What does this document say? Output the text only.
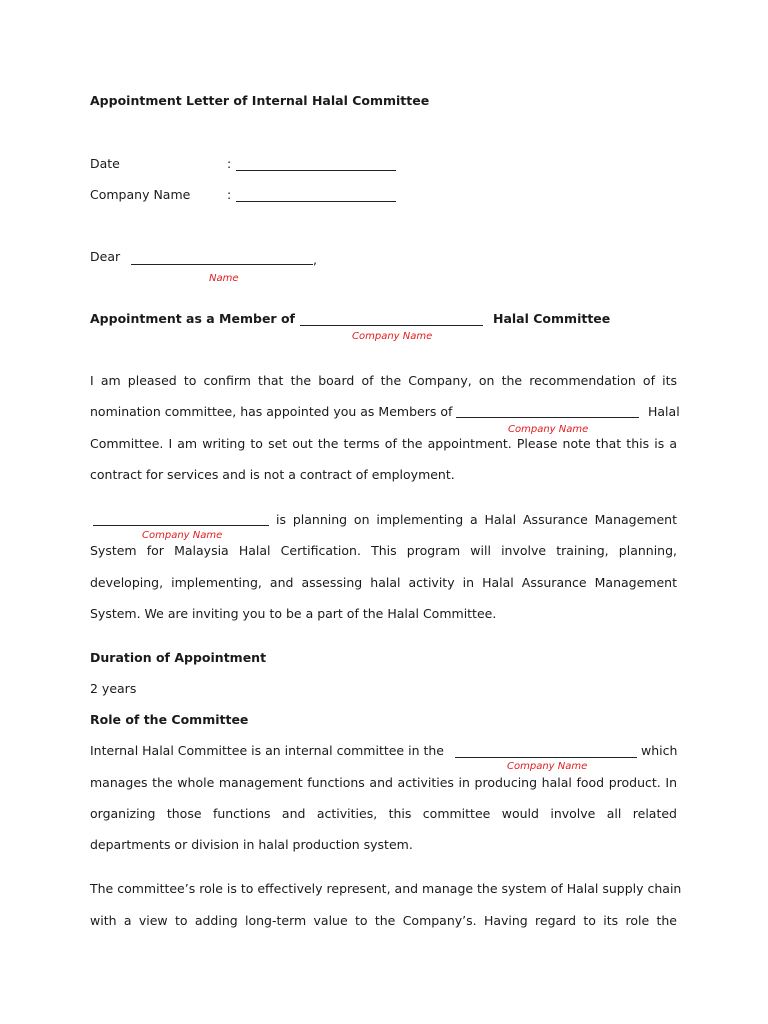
Appointment Letter of Internal Halal Committee
Date	:
Company Name	:
Dear	,
Name
Appointment as a Member of	Halal Committee
Company Name
I am pleased to confirm that the board of the Company, on the recommendation of its
nomination committee, has appointed you as Members of	Halal
Company Name
Committee. I am writing to set out the terms of the appointment. Please note that this is a
contract for services and is not a contract of employment.
is planning on implementing a Halal Assurance Management
Company Name
System for Malaysia Halal Certification. This program will involve training, planning,
developing, implementing, and assessing halal activity in Halal Assurance Management
System. We are inviting you to be a part of the Halal Committee.
Duration of Appointment
2 years
Role of the Committee
Internal Halal Committee is an internal committee in the	which
Company Name
manages the whole management functions and activities in producing halal food product. In
organizing those functions and activities, this committee would involve all related
departments or division in halal production system.
The committee’s role is to effectively represent, and manage the system of Halal supply chain
with a view to adding long-term value to the Company’s. Having regard to its role the
